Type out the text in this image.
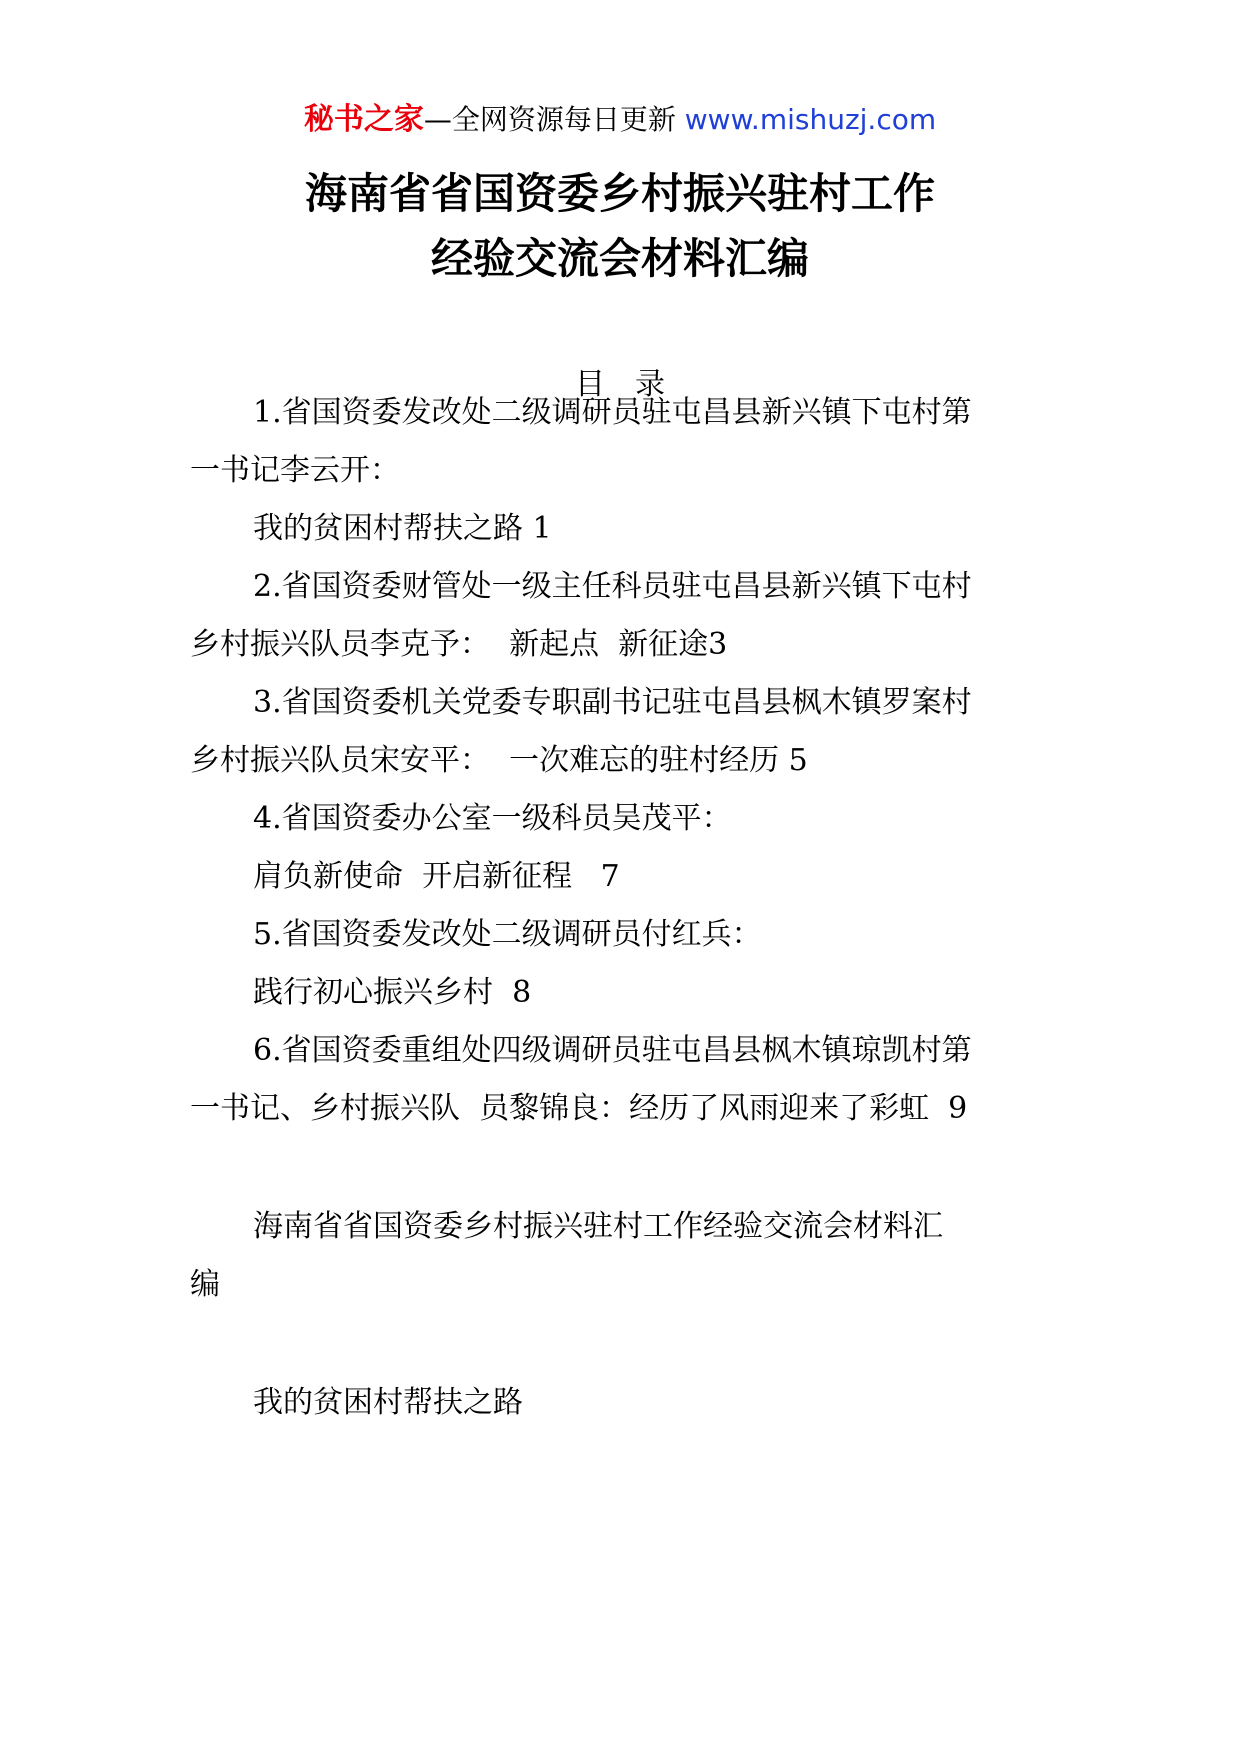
秘书之家—全网资源每日更新 www.mishuzj.com
海南省省国资委乡村振兴驻村工作
经验交流会材料汇编
目录
1.省国资委发改处二级调研员驻屯昌县新兴镇下屯村第
一书记李云开：
我的贫困村帮扶之路 1
2.省国资委财管处一级主任科员驻屯昌县新兴镇下屯村
乡村振兴队员李克予：  新起点  新征途3
3.省国资委机关党委专职副书记驻屯昌县枫木镇罗案村
乡村振兴队员宋安平：  一次难忘的驻村经历 5
4.省国资委办公室一级科员吴茂平：
肩负新使命  开启新征程   7
5.省国资委发改处二级调研员付红兵：
践行初心振兴乡村  8
6.省国资委重组处四级调研员驻屯昌县枫木镇琼凯村第
一书记、乡村振兴队  员黎锦良：经历了风雨迎来了彩虹  9
海南省省国资委乡村振兴驻村工作经验交流会材料汇
编
我的贫困村帮扶之路
